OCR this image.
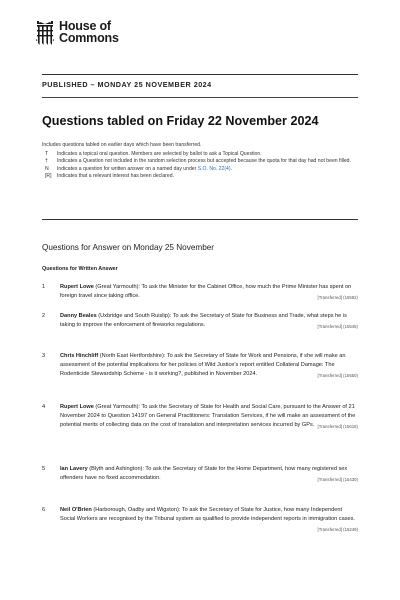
House of
Commons
PUBLISHED – MONDAY 25 NOVEMBER 2024
Questions tabled on Friday 22 November 2024
Includes questions tabled on earlier days which have been transferred.
T	Indicates a topical oral question. Members are selected by ballot to ask a Topical Question.
†	Indicates a Question not included in the random selection process but accepted because the quota for that day had not been filled.
N	Indicates a question for written answer on a named day under S.O. No. 22(4).
[R]	Indicates that a relevant interest has been declared.
Questions for Answer on Monday 25 November
Questions for Written Answer
1	Rupert Lowe (Great Yarmouth): To ask the Minister for the Cabinet Office, how much the Prime Minister has spent on foreign travel since taking office.	[Transferred] (15592)
2	Danny Beales (Uxbridge and South Ruislip): To ask the Secretary of State for Business and Trade, what steps he is taking to improve the enforcement of fireworks regulations.	[Transferred] (15545)
3	Chris Hinchliff (North East Hertfordshire): To ask the Secretary of State for Work and Pensions, if she will make an assessment of the potential implications for her policies of Wild Justice's report entitled Collateral Damage: The Rodenticide Stewardship Scheme - is it working?, published in November 2024.	[Transferred] (15550)
4	Rupert Lowe (Great Yarmouth): To ask the Secretary of State for Health and Social Care, pursuant to the Answer of 21 November 2024 to Question 14197 on General Practitioners: Translation Services, if he will make an assessment of the potential merits of collecting data on the cost of translation and interpretation services incurred by GPs. [Transferred] (15618)
5	Ian Lavery (Blyth and Ashington): To ask the Secretary of State for the Home Department, how many registered sex offenders have no fixed accommodation.	[Transferred] (15430)
6	Neil O'Brien (Harborough, Oadby and Wigston): To ask the Secretary of State for Justice, how many Independent Social Workers are recognised by the Tribunal system as qualified to provide independent reports in immigration cases.
[Transferred] (15249)
